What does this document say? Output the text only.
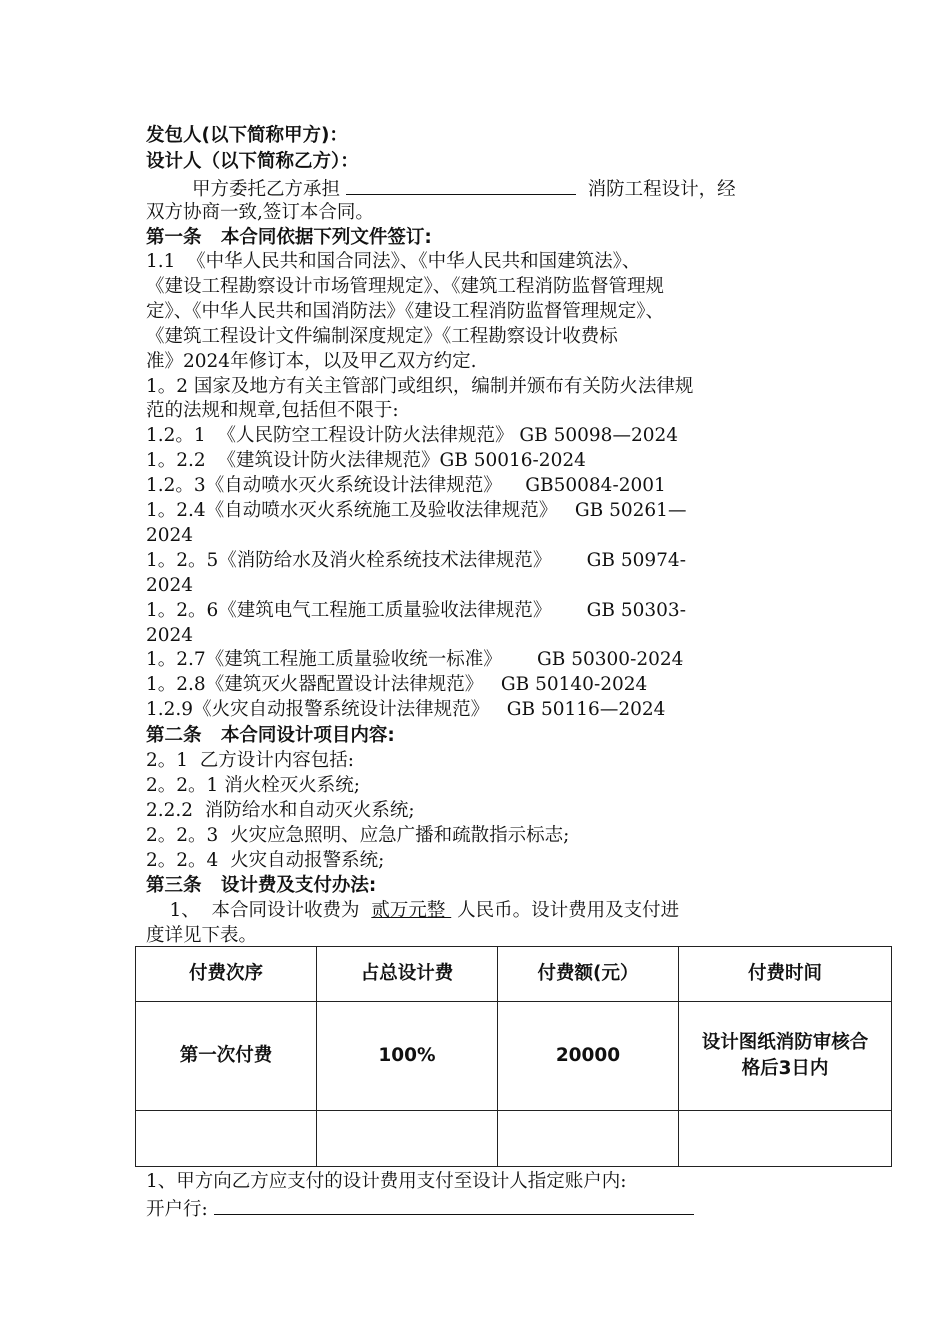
发包人(以下简称甲方)：
设计人（以下简称乙方）：
甲方委托乙方承担	消防工程设计，经
双方协商一致,签订本合同。
第一条   本合同依据下列文件签订:
1.1  《中华人民共和国合同法》、《中华人民共和国建筑法》、
《建设工程勘察设计市场管理规定》、《建筑工程消防监督管理规
定》、《中华人民共和国消防法》《建设工程消防监督管理规定》、
《建筑工程设计文件编制深度规定》《工程勘察设计收费标
准》2024年修订本，以及甲乙双方约定.
1。2 国家及地方有关主管部门或组织，编制并颁布有关防火法律规
范的法规和规章,包括但不限于:
1.2。1  《人民防空工程设计防火法律规范》 GB 50098—2024
1。2.2  《建筑设计防火法律规范》GB 50016-2024
1.2。3《自动喷水灭火系统设计法律规范》    GB50084-2001
1。2.4《自动喷水灭火系统施工及验收法律规范》   GB 50261—
2024
1。2。5《消防给水及消火栓系统技术法律规范》      GB 50974-
2024
1。2。6《建筑电气工程施工质量验收法律规范》      GB 50303-
2024
1。2.7《建筑工程施工质量验收统一标准》      GB 50300-2024
1。2.8《建筑灭火器配置设计法律规范》   GB 50140-2024
1.2.9《火灾自动报警系统设计法律规范》   GB 50116—2024
第二条   本合同设计项目内容:
2。1  乙方设计内容包括:
2。2。1 消火栓灭火系统;
2.2.2  消防给水和自动灭火系统;
2。2。3  火灾应急照明、应急广播和疏散指示标志;
2。2。4  火灾自动报警系统;
第三条   设计费及支付办法:
1、  本合同设计收费为  贰万元整  人民币。设计费用及支付进
度详见下表。
付费次序	占总设计费	付费额(元）	付费时间
第一次付费	100%	20000	设计图纸消防审核合格后3日内

1、甲方向乙方应支付的设计费用支付至设计人指定账户内:
开户行:
